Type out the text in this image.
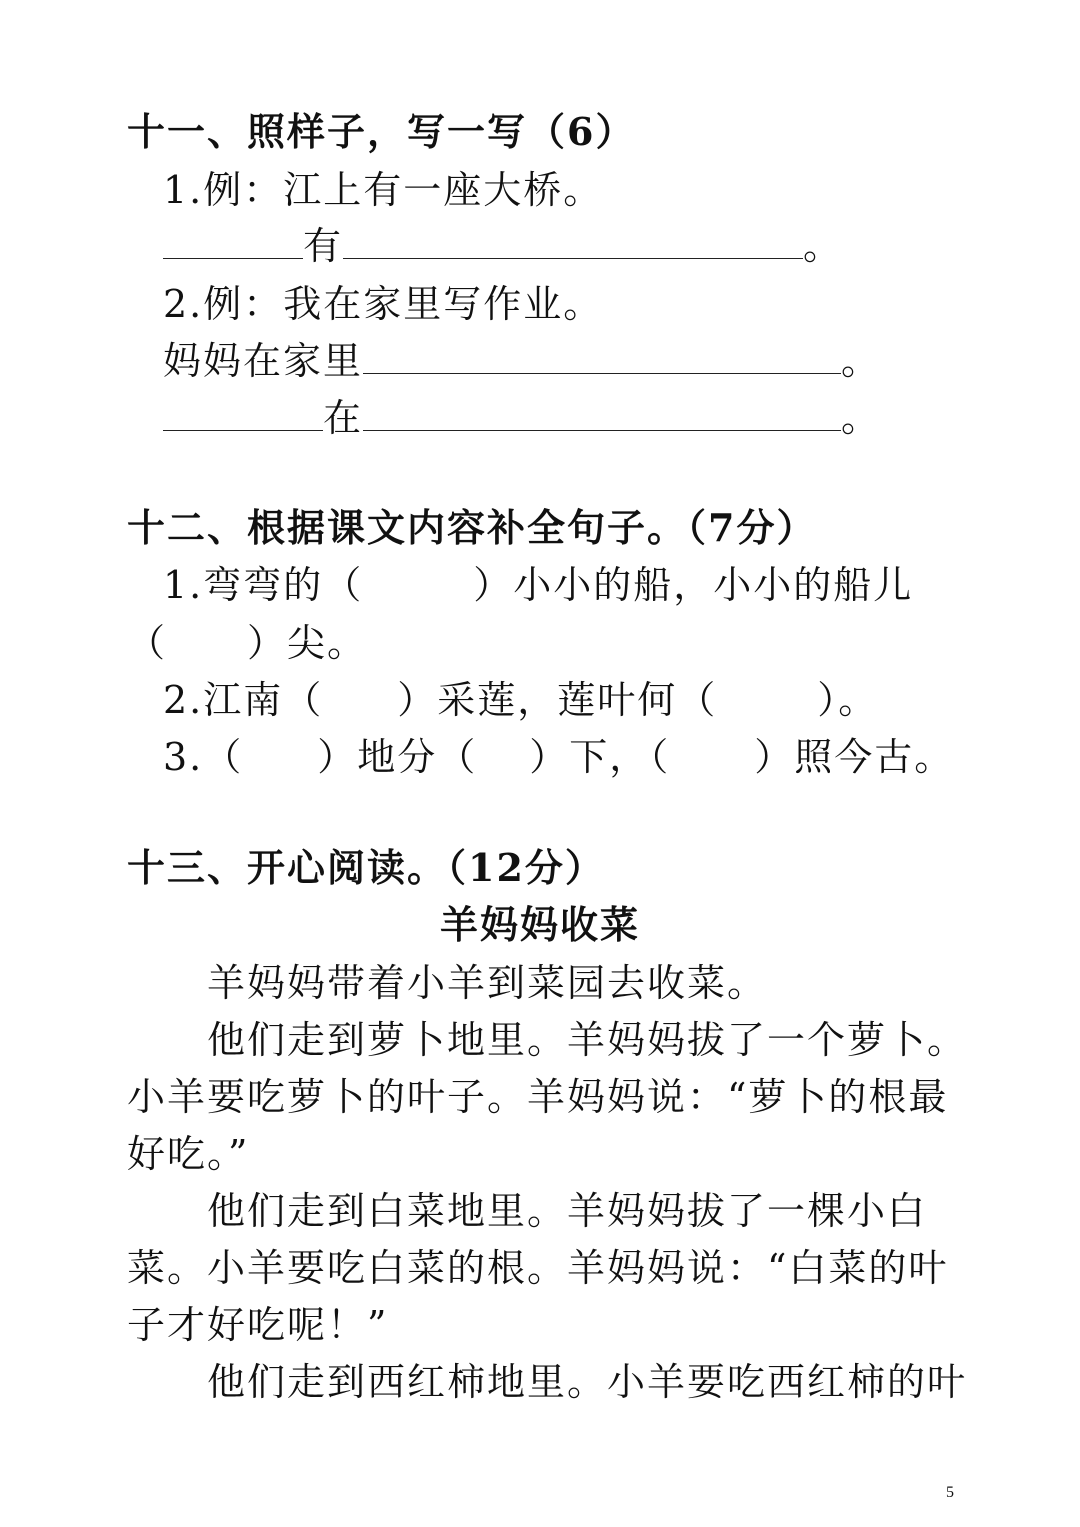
十一、照样子，写一写（6）
1.例：江上有一座大桥。
有	。
2.例：我在家里写作业。
妈妈在家里	。
在	。
十二、根据课文内容补全句子。（7分）
1.弯弯的（	）小小的船，小小的船儿
（ ）尖。
2.江南（ ）采莲，莲叶何（	）。
3.（ ）地分（ ）下，（ ）照今古。
十三、开心阅读。（12分）
羊妈妈收菜
羊妈妈带着小羊到菜园去收菜。
他们走到萝卜地里。羊妈妈拔了一个萝卜。
小羊要吃萝卜的叶子。羊妈妈说：“萝卜的根最
好吃。”
他们走到白菜地里。羊妈妈拔了一棵小白
菜。小羊要吃白菜的根。羊妈妈说：“白菜的叶
子才好吃呢！”
他们走到西红柿地里。小羊要吃西红柿的叶
5
